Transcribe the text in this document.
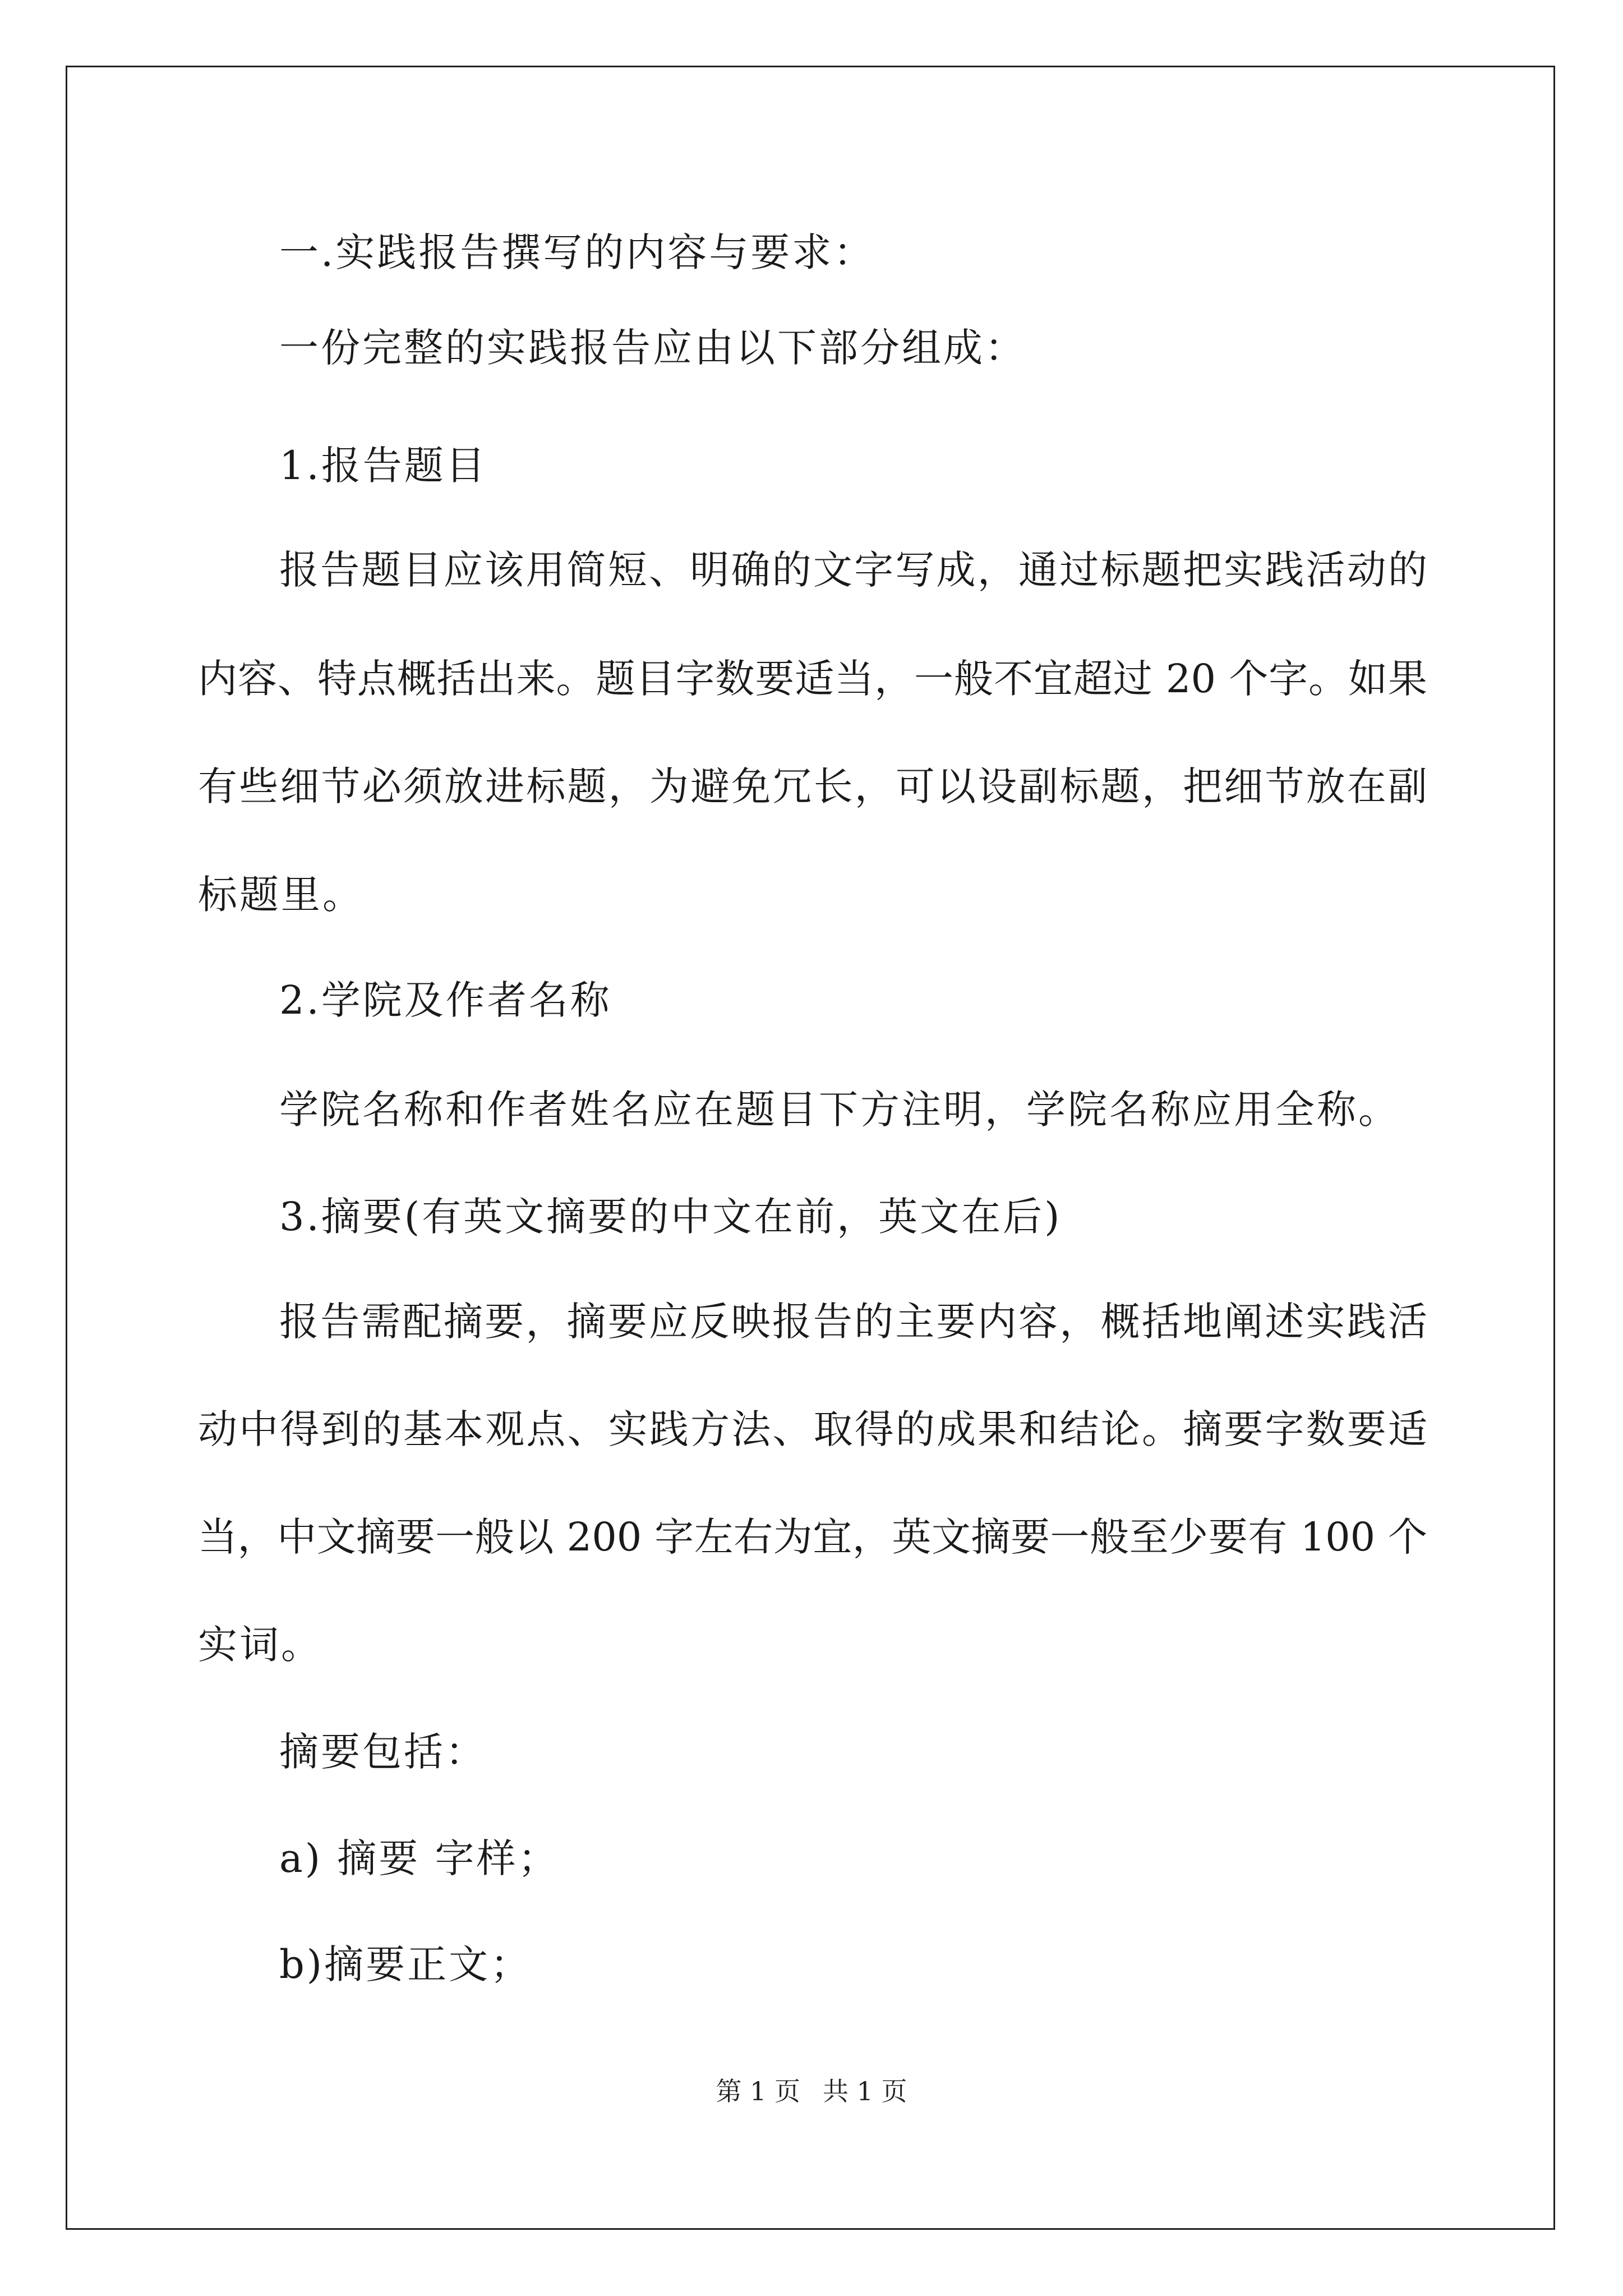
一.实践报告撰写的内容与要求：
一份完整的实践报告应由以下部分组成：
1.报告题目
报告题目应该用简短、明确的文字写成，通过标题把实践活动的
内容、特点概括出来。题目字数要适当，一般不宜超过 20 个字。如果
有些细节必须放进标题，为避免冗长，可以设副标题，把细节放在副
标题里。
2.学院及作者名称
学院名称和作者姓名应在题目下方注明，学院名称应用全称。
3.摘要(有英文摘要的中文在前，英文在后)
报告需配摘要，摘要应反映报告的主要内容，概括地阐述实践活
动中得到的基本观点、实践方法、取得的成果和结论。摘要字数要适
当，中文摘要一般以 200 字左右为宜，英文摘要一般至少要有 100 个
实词。
摘要包括：
a) 摘要 字样；
b)摘要正文；
第 1 页 共 1 页
